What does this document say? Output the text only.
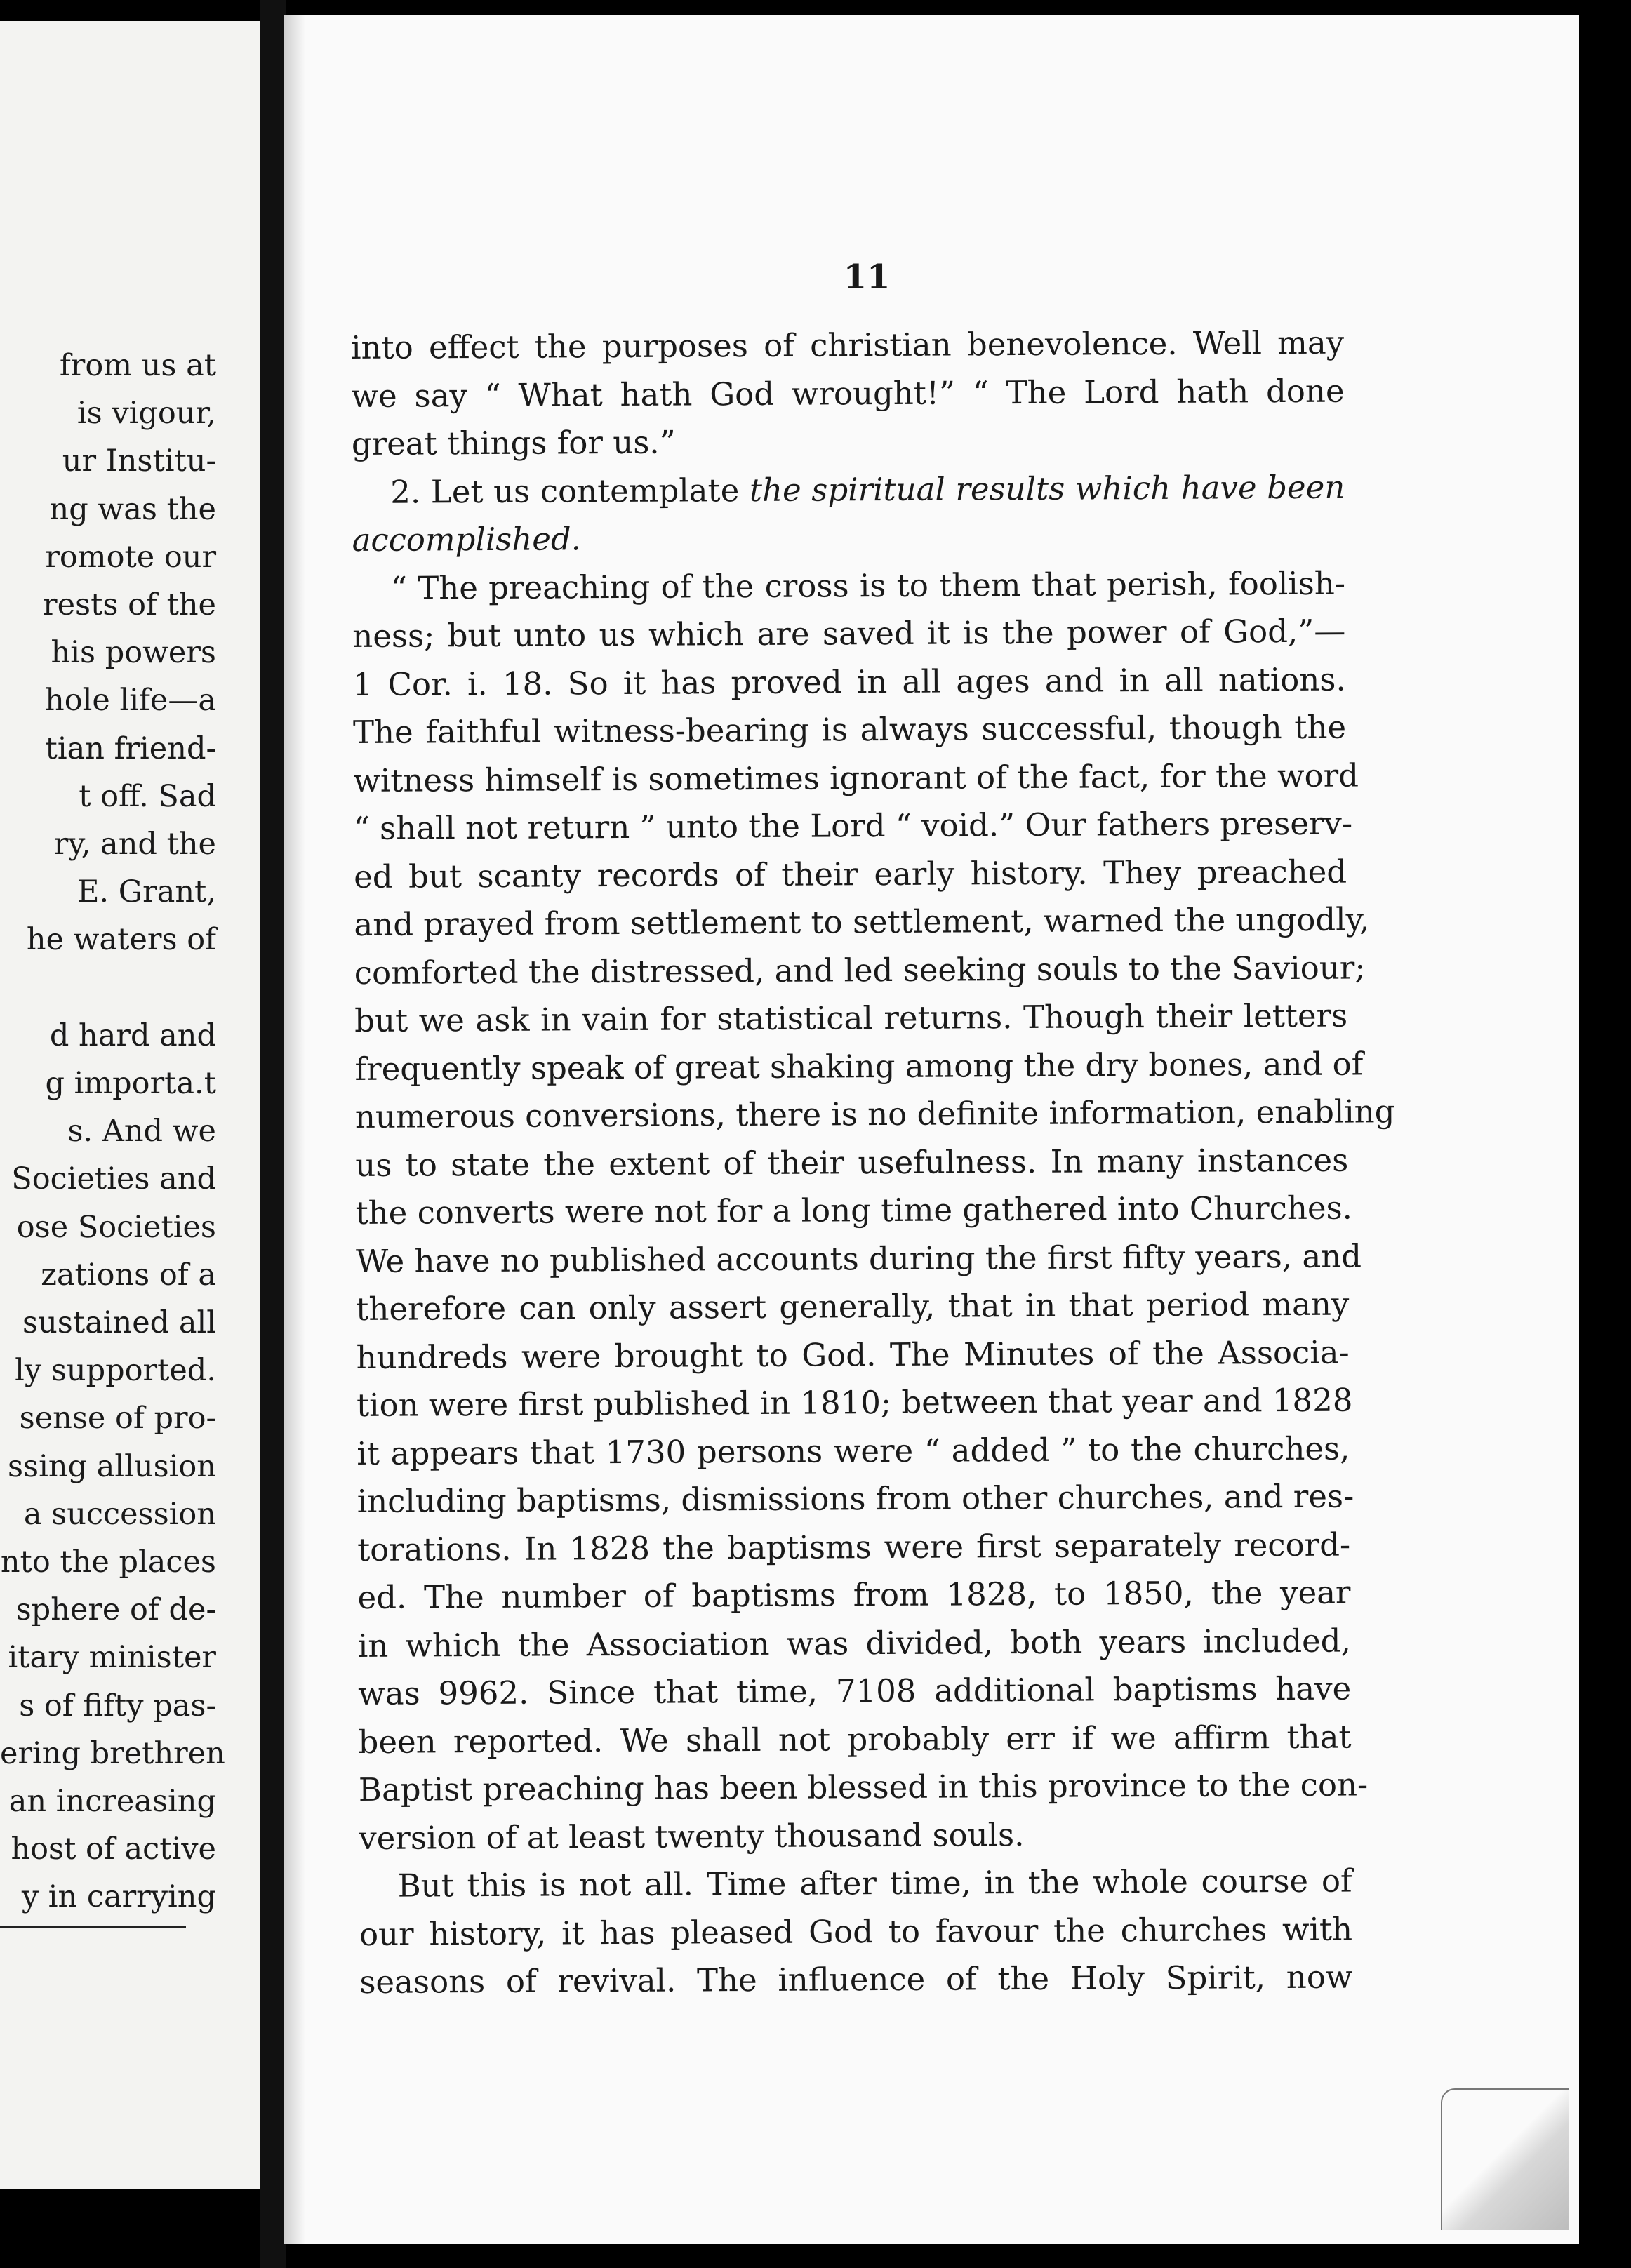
from us at
is vigour,
ur Institu-
ng was the
romote our
rests of the
his powers
hole life—a
tian friend-
t off. Sad
ry, and the
E. Grant,
he waters of
d hard and
g importa.t
s. And we
Societies and
ose Societies
zations of a
sustained all
ly supported.
sense of pro-
ssing allusion
a succession
nto the places
sphere of de-
itary minister
s of fifty pas-
ering brethren
an increasing
host of active
y in carrying
11
into effect the purposes of christian benevolence. Well may
we say “ What hath God wrought!” “ The Lord hath done
great things for us.”
2. Let us contemplate the spiritual results which have been
accomplished.
“ The preaching of the cross is to them that perish, foolish-
ness; but unto us which are saved it is the power of God,”—
1 Cor. i. 18. So it has proved in all ages and in all nations.
The faithful witness-bearing is always successful, though the
witness himself is sometimes ignorant of the fact, for the word
“ shall not return ” unto the Lord “ void.” Our fathers preserv-
ed but scanty records of their early history. They preached
and prayed from settlement to settlement, warned the ungodly,
comforted the distressed, and led seeking souls to the Saviour;
but we ask in vain for statistical returns. Though their letters
frequently speak of great shaking among the dry bones, and of
numerous conversions, there is no definite information, enabling
us to state the extent of their usefulness. In many instances
the converts were not for a long time gathered into Churches.
We have no published accounts during the first fifty years, and
therefore can only assert generally, that in that period many
hundreds were brought to God. The Minutes of the Associa-
tion were first published in 1810; between that year and 1828
it appears that 1730 persons were “ added ” to the churches,
including baptisms, dismissions from other churches, and res-
torations. In 1828 the baptisms were first separately record-
ed. The number of baptisms from 1828, to 1850, the year
in which the Association was divided, both years included,
was 9962. Since that time, 7108 additional baptisms have
been reported. We shall not probably err if we affirm that
Baptist preaching has been blessed in this province to the con-
version of at least twenty thousand souls.
But this is not all. Time after time, in the whole course of
our history, it has pleased God to favour the churches with
seasons of revival. The influence of the Holy Spirit, now
